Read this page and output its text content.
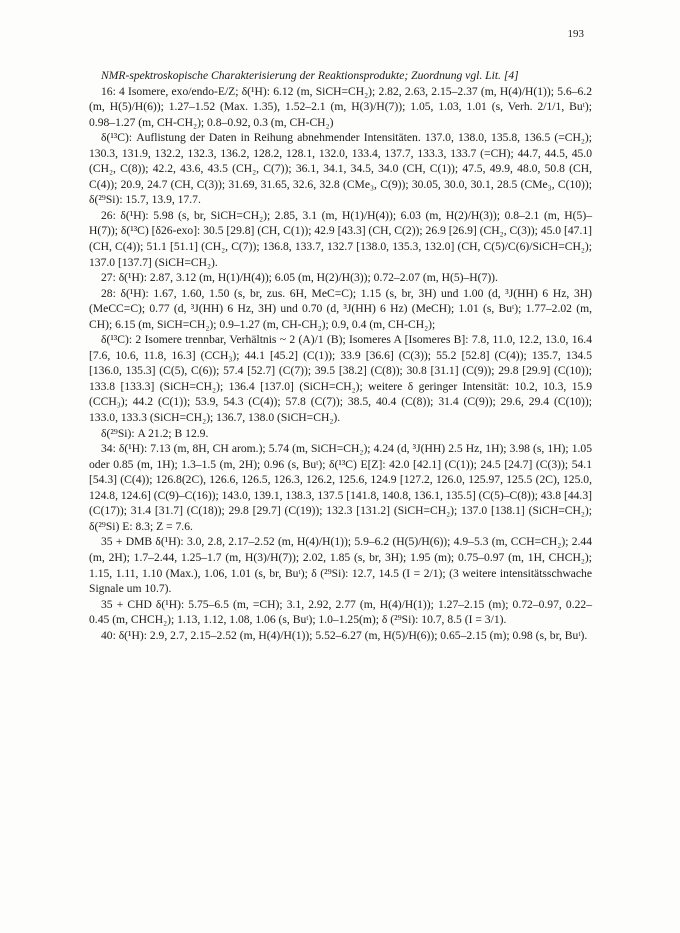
193

NMR-spektroskopische Charakterisierung der Reaktionsprodukte; Zuordnung vgl. Lit. [4]

16: 4 Isomere, exo/endo-E/Z; δ(¹H): 6.12 (m, SiCH=CH₂); 2.82, 2.63, 2.15–2.37 (m, H(4)/H(1)); 5.6–6.2 (m, H(5)/H(6)); 1.27–1.52 (Max. 1.35), 1.52–2.1 (m, H(3)/H(7)); 1.05, 1.03, 1.01 (s, Verh. 2/1/1, Buᵗ); 0.98–1.27 (m, CH-CH₂); 0.8–0.92, 0.3 (m, CH-CH₂)

δ(¹³C): Auflistung der Daten in Reihung abnehmender Intensitäten. 137.0, 138.0, 135.8, 136.5 (=CH₂); 130.3, 131.9, 132.2, 132.3, 136.2, 128.2, 128.1, 132.0, 133.4, 137.7, 133.3, 133.7 (=CH); 44.7, 44.5, 45.0 (CH₂, C(8)); 42.2, 43.6, 43.5 (CH₂, C(7)); 36.1, 34.1, 34.5, 34.0 (CH, C(1)); 47.5, 49.9, 48.0, 50.8 (CH, C(4)); 20.9, 24.7 (CH, C(3)); 31.69, 31.65, 32.6, 32.8 (CMe₃, C(9)); 30.05, 30.0, 30.1, 28.5 (CMe₃, C(10)); δ(²⁹Si): 15.7, 13.9, 17.7.

26: δ(¹H): 5.98 (s, br, SiCH=CH₂); 2.85, 3.1 (m, H(1)/H(4)); 6.03 (m, H(2)/H(3)); 0.8–2.1 (m, H(5)–H(7)); δ(¹³C) [δ26-exo]: 30.5 [29.8] (CH, C(1)); 42.9 [43.3] (CH, C(2)); 26.9 [26.9] (CH₂, C(3)); 45.0 [47.1] (CH, C(4)); 51.1 [51.1] (CH₂, C(7)); 136.8, 133.7, 132.7 [138.0, 135.3, 132.0] (CH, C(5)/C(6)/SiCH=CH₂); 137.0 [137.7] (SiCH=CH₂).

27: δ(¹H): 2.87, 3.12 (m, H(1)/H(4)); 6.05 (m, H(2)/H(3)); 0.72–2.07 (m, H(5)–H(7)).

28: δ(¹H): 1.67, 1.60, 1.50 (s, br, zus. 6H, MeC=C); 1.15 (s, br, 3H) und 1.00 (d, ³J(HH) 6 Hz, 3H) (MeCC=C); 0.77 (d, ³J(HH) 6 Hz, 3H) und 0.70 (d, ³J(HH) 6 Hz) (MeCH); 1.01 (s, Buᵗ); 1.77–2.02 (m, CH); 6.15 (m, SiCH=CH₂); 0.9–1.27 (m, CH-CH₂); 0.9, 0.4 (m, CH-CH₂);

δ(¹³C): 2 Isomere trennbar, Verhältnis ~ 2 (A)/1 (B); Isomeres A [Isomeres B]: 7.8, 11.0, 12.2, 13.0, 16.4 [7.6, 10.6, 11.8, 16.3] (CCH₃); 44.1 [45.2] (C(1)); 33.9 [36.6] (C(3)); 55.2 [52.8] (C(4)); 135.7, 134.5 [136.0, 135.3] (C(5), C(6)); 57.4 [52.7] (C(7)); 39.5 [38.2] (C(8)); 30.8 [31.1] (C(9)); 29.8 [29.9] (C(10)); 133.8 [133.3] (SiCH=CH₂); 136.4 [137.0] (SiCH=CH₂); weitere δ geringer Intensität: 10.2, 10.3, 15.9 (CCH₃); 44.2 (C(1)); 53.9, 54.3 (C(4)); 57.8 (C(7)); 38.5, 40.4 (C(8)); 31.4 (C(9)); 29.6, 29.4 (C(10)); 133.0, 133.3 (SiCH=CH₂); 136.7, 138.0 (SiCH=CH₂).

δ(²⁹Si): A 21.2; B 12.9.

34: δ(¹H): 7.13 (m, 8H, CH arom.); 5.74 (m, SiCH=CH₂); 4.24 (d, ³J(HH) 2.5 Hz, 1H); 3.98 (s, 1H); 1.05 oder 0.85 (m, 1H); 1.3–1.5 (m, 2H); 0.96 (s, Buᵗ); δ(¹³C) E[Z]: 42.0 [42.1] (C(1)); 24.5 [24.7] (C(3)); 54.1 [54.3] (C(4)); 126.8(2C), 126.6, 126.5, 126.3, 126.2, 125.6, 124.9 [127.2, 126.0, 125.97, 125.5 (2C), 125.0, 124.8, 124.6] (C(9)–C(16)); 143.0, 139.1, 138.3, 137.5 [141.8, 140.8, 136.1, 135.5] (C(5)–C(8)); 43.8 [44.3] (C(17)); 31.4 [31.7] (C(18)); 29.8 [29.7] (C(19)); 132.3 [131.2] (SiCH=CH₂); 137.0 [138.1] (SiCH=CH₂); δ(²⁹Si) E: 8.3; Z = 7.6.

35 + DMB δ(¹H): 3.0, 2.8, 2.17–2.52 (m, H(4)/H(1)); 5.9–6.2 (H(5)/H(6)); 4.9–5.3 (m, CCH=CH₂); 2.44 (m, 2H); 1.7–2.44, 1.25–1.7 (m, H(3)/H(7)); 2.02, 1.85 (s, br, 3H); 1.95 (m); 0.75–0.97 (m, 1H, CHCH₂); 1.15, 1.11, 1.10 (Max.), 1.06, 1.01 (s, br, Buᵗ); δ (²⁹Si): 12.7, 14.5 (I = 2/1); (3 weitere intensitätsschwache Signale um 10.7).

35 + CHD δ(¹H): 5.75–6.5 (m, =CH); 3.1, 2.92, 2.77 (m, H(4)/H(1)); 1.27–2.15 (m); 0.72–0.97, 0.22–0.45 (m, CHCH₂); 1.13, 1.12, 1.08, 1.06 (s, Buᵗ); 1.0–1.25(m); δ (²⁹Si): 10.7, 8.5 (I = 3/1).

40: δ(¹H): 2.9, 2.7, 2.15–2.52 (m, H(4)/H(1)); 5.52–6.27 (m, H(5)/H(6)); 0.65–2.15 (m); 0.98 (s, br, Buᵗ).
